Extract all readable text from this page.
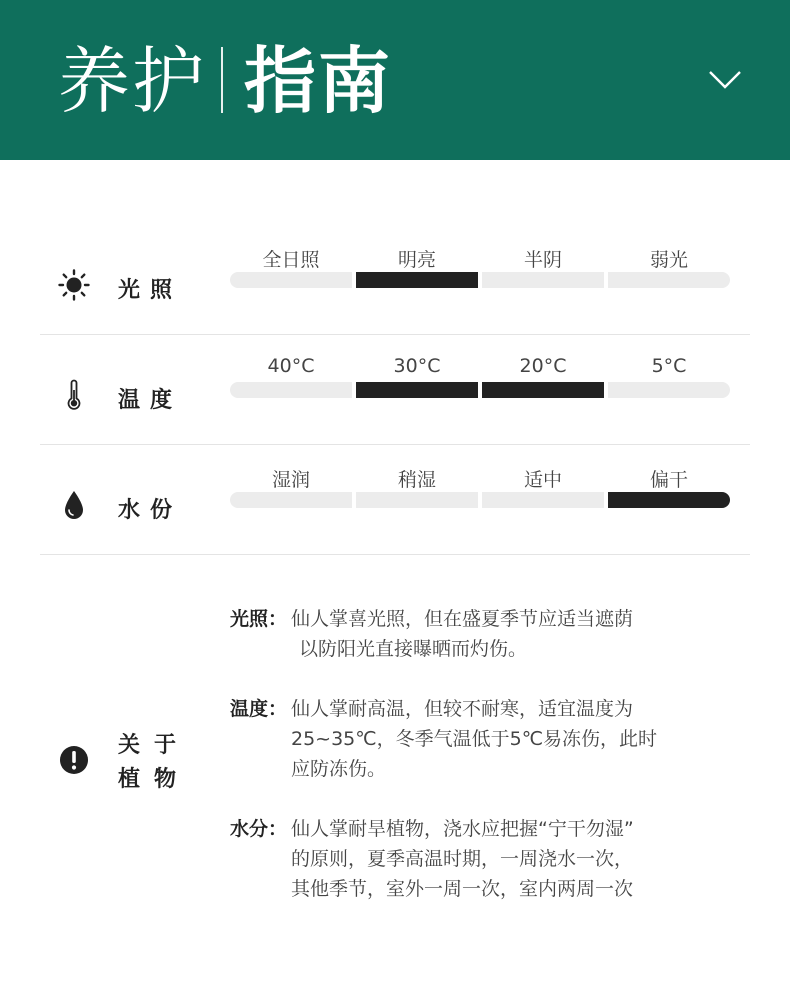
养护 指南
光照
全日照	明亮	半阴	弱光
温度
40°C	30°C	20°C	5°C
水份
湿润	稍湿	适中	偏干
关于
植物
光照： 仙人掌喜光照，但在盛夏季节应适当遮荫
以防阳光直接曝晒而灼伤。
温度： 仙人掌耐高温，但较不耐寒，适宜温度为
25~35℃，冬季气温低于5℃易冻伤，此时
应防冻伤。
水分： 仙人掌耐旱植物，浇水应把握“宁干勿湿”
的原则，夏季高温时期，一周浇水一次，
其他季节，室外一周一次，室内两周一次
